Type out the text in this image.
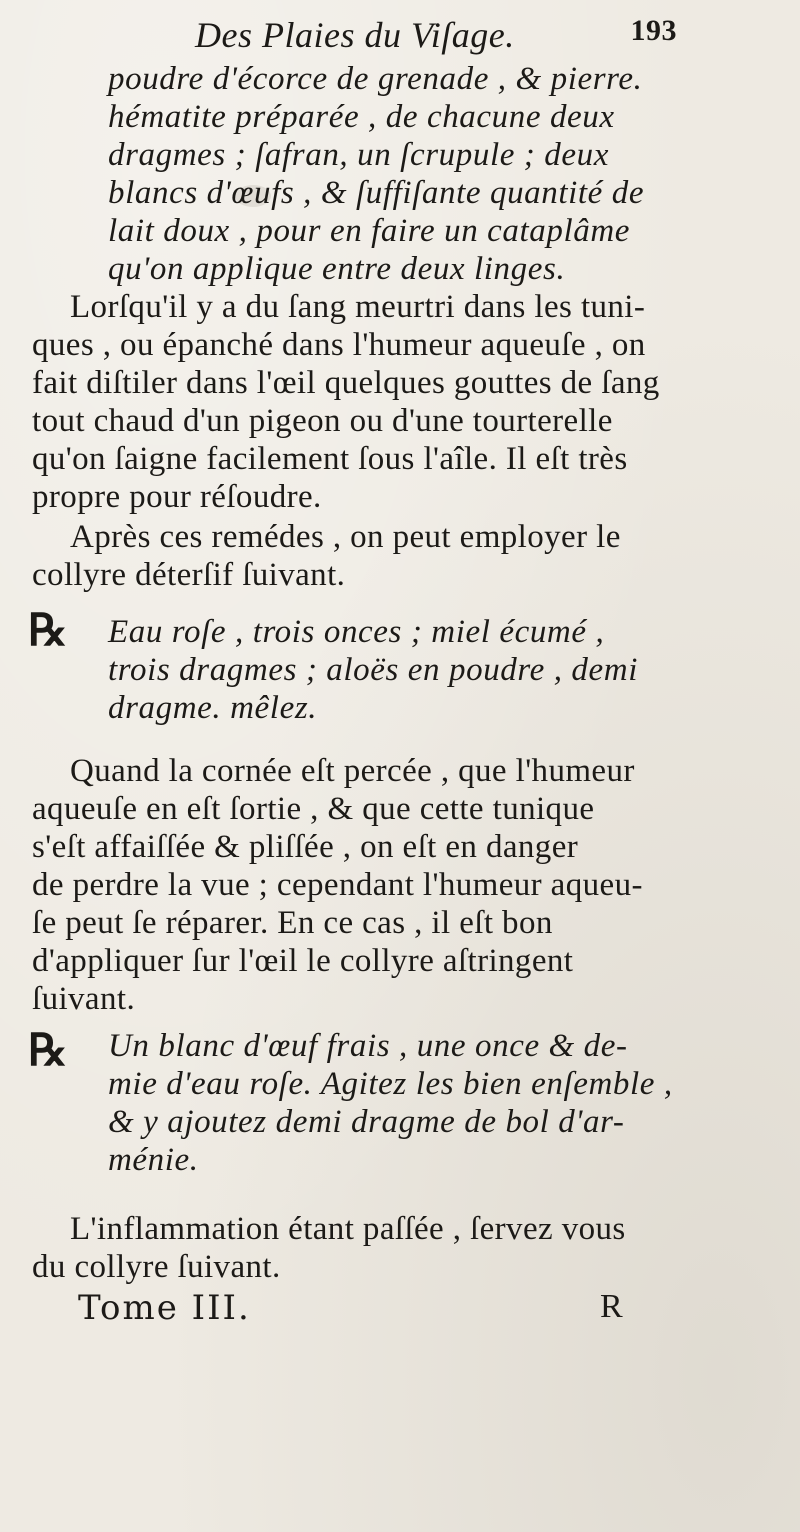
Des Plaies du Viſage.	193
poudre d'écorce de grenade , & pierre.
hématite préparée , de chacune deux
dragmes ; ſafran, un ſcrupule ; deux
blancs d'œufs , & ſuffiſante quantité de
lait doux , pour en faire un cataplâme
qu'on applique entre deux linges.
Lorſqu'il y a du ſang meurtri dans les tuni-
ques , ou épanché dans l'humeur aqueuſe , on
fait diſtiler dans l'œil quelques gouttes de ſang
tout chaud d'un pigeon ou d'une tourterelle
qu'on ſaigne facilement ſous l'aîle. Il eſt très
propre pour réſoudre.
Après ces remédes , on peut employer le
collyre déterſif ſuivant.
℞ Eau roſe , trois onces ; miel écumé ,
trois dragmes ; aloës en poudre , demi
dragme. mêlez.
Quand la cornée eſt percée , que l'humeur
aqueuſe en eſt ſortie , & que cette tunique
s'eſt affaiſſée & pliſſée , on eſt en danger
de perdre la vue ; cependant l'humeur aqueu-
ſe peut ſe réparer. En ce cas , il eſt bon
d'appliquer ſur l'œil le collyre aſtringent
ſuivant.
℞ Un blanc d'œuf frais , une once & de-
mie d'eau roſe. Agitez les bien enſemble ,
& y ajoutez demi dragme de bol d'ar-
ménie.
L'inflammation étant paſſée , ſervez vous
du collyre ſuivant.
Tome III.	R
